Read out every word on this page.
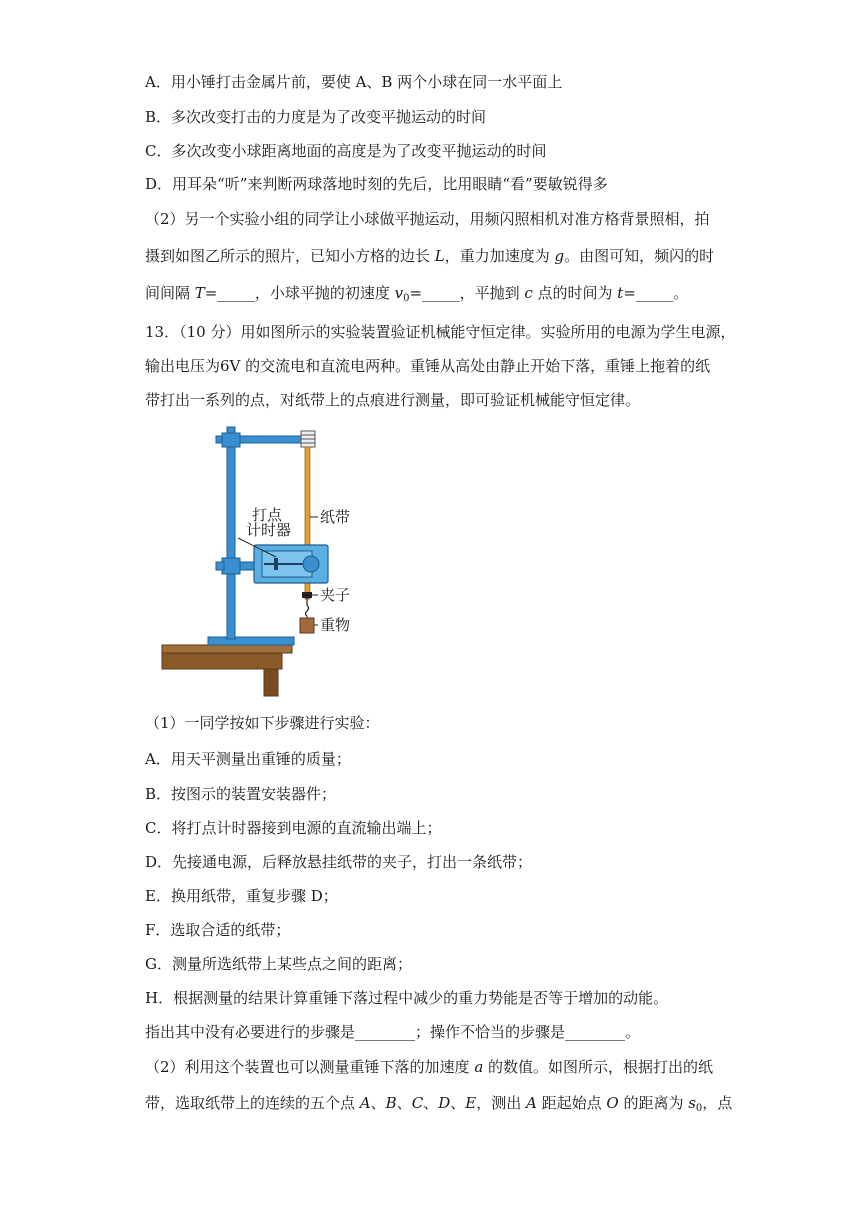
A．用小锤打击金属片前，要使 A、B 两个小球在同一水平面上
B．多次改变打击的力度是为了改变平抛运动的时间
C．多次改变小球距离地面的高度是为了改变平抛运动的时间
D．用耳朵“听”来判断两球落地时刻的先后，比用眼睛“看”要敏锐得多
（2）另一个实验小组的同学让小球做平抛运动，用频闪照相机对准方格背景照相，拍
摄到如图乙所示的照片，已知小方格的边长 L，重力加速度为 g。由图可知，频闪的时
间间隔 T=_____，小球平抛的初速度 $v_0=\_\_\_\_\_$，平抛到 c 点的时间为 t=_____。
13．（10 分）用如图所示的实验装置验证机械能守恒定律。实验所用的电源为学生电源，
输出电压为6V 的交流电和直流电两种。重锤从高处由静止开始下落，重锤上拖着的纸
带打出一系列的点，对纸带上的点痕进行测量，即可验证机械能守恒定律。
打点
计时器
纸带
夹子
重物
（1）一同学按如下步骤进行实验：
A．用天平测量出重锤的质量；
B．按图示的装置安装器件；
C．将打点计时器接到电源的直流输出端上；
D．先接通电源，后释放悬挂纸带的夹子，打出一条纸带；
E．换用纸带，重复步骤 D；
F．选取合适的纸带；
G．测量所选纸带上某些点之间的距离；
H．根据测量的结果计算重锤下落过程中减少的重力势能是否等于增加的动能。
指出其中没有必要进行的步骤是________；操作不恰当的步骤是________。
（2）利用这个装置也可以测量重锤下落的加速度 a 的数值。如图所示，根据打出的纸
带，选取纸带上的连续的五个点 A、B、C、D、E，测出 A 距起始点 O 的距离为 $s_0$，点
